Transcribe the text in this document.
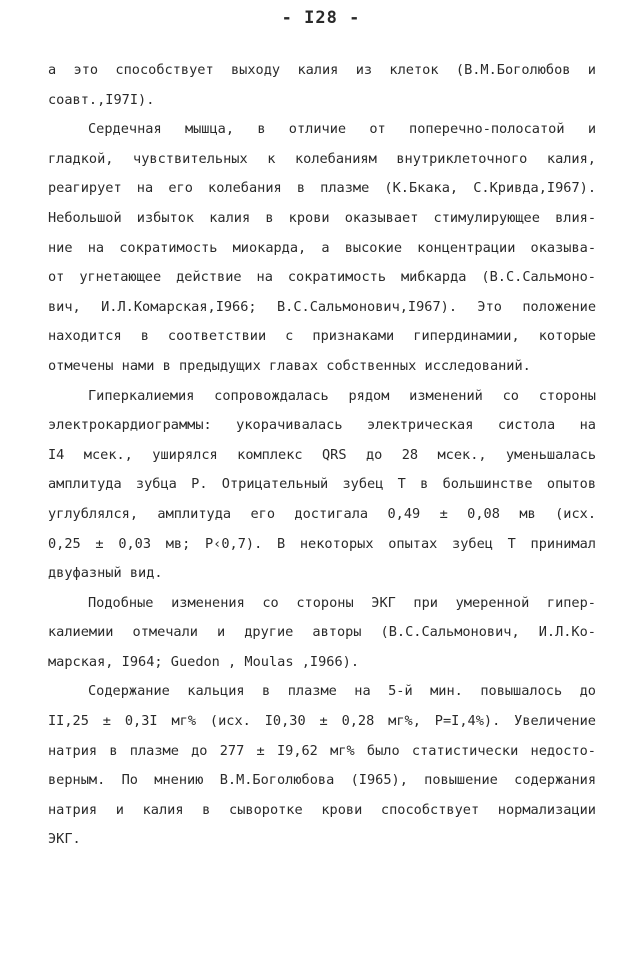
- I28 -
а это способствует выходу калия из клеток (В.М.Боголюбов и
соавт.,I97I).
Сердечная мышца, в отличие от поперечно-полосатой и
гладкой, чувствительных к колебаниям внутриклеточного калия,
реагирует на его колебания в плазме (К.Бкака, С.Кривда,I967).
Небольшой избыток калия в крови оказывает стимулирующее влия-
ние на сократимость миокарда, а высокие концентрации оказыва-
от угнетающее действие на сократимость мибкарда (В.С.Сальмоно-
вич, И.Л.Комарская,I966; В.С.Сальмонович,I967). Это положение
находится в соответствии с признаками гипердинамии, которые
отмечены нами в предыдущих главах собственных исследований.
Гиперкалиемия сопровождалась рядом изменений со стороны
электрокардиограммы: укорачивалась электрическая систола на
I4 мсек., уширялся комплекс QRS до 28 мсек., уменьшалась
амплитуда зубца Р. Отрицательный зубец Т в большинстве опытов
углублялся, амплитуда его достигала 0,49 ± 0,08 мв (исх.
0,25 ± 0,03 мв; Р‹0,7). В некоторых опытах зубец Т принимал
двуфазный вид.
Подобные изменения со стороны ЭКГ при умеренной гипер-
калиемии отмечали и другие авторы (В.С.Сальмонович, И.Л.Ко-
марская, I964; Guedon , Moulas ,I966).
Содержание кальция в плазме на 5-й мин. повышалось до
II,25 ± 0,3I мг% (исх. I0,30 ± 0,28 мг%, Р=I,4%). Увеличение
натрия в плазме до 277 ± I9,62 мг% было статистически недосто-
верным. По мнению В.М.Боголюбова (I965), повышение содержания
натрия и калия в сыворотке крови способствует нормализации
ЭКГ.
